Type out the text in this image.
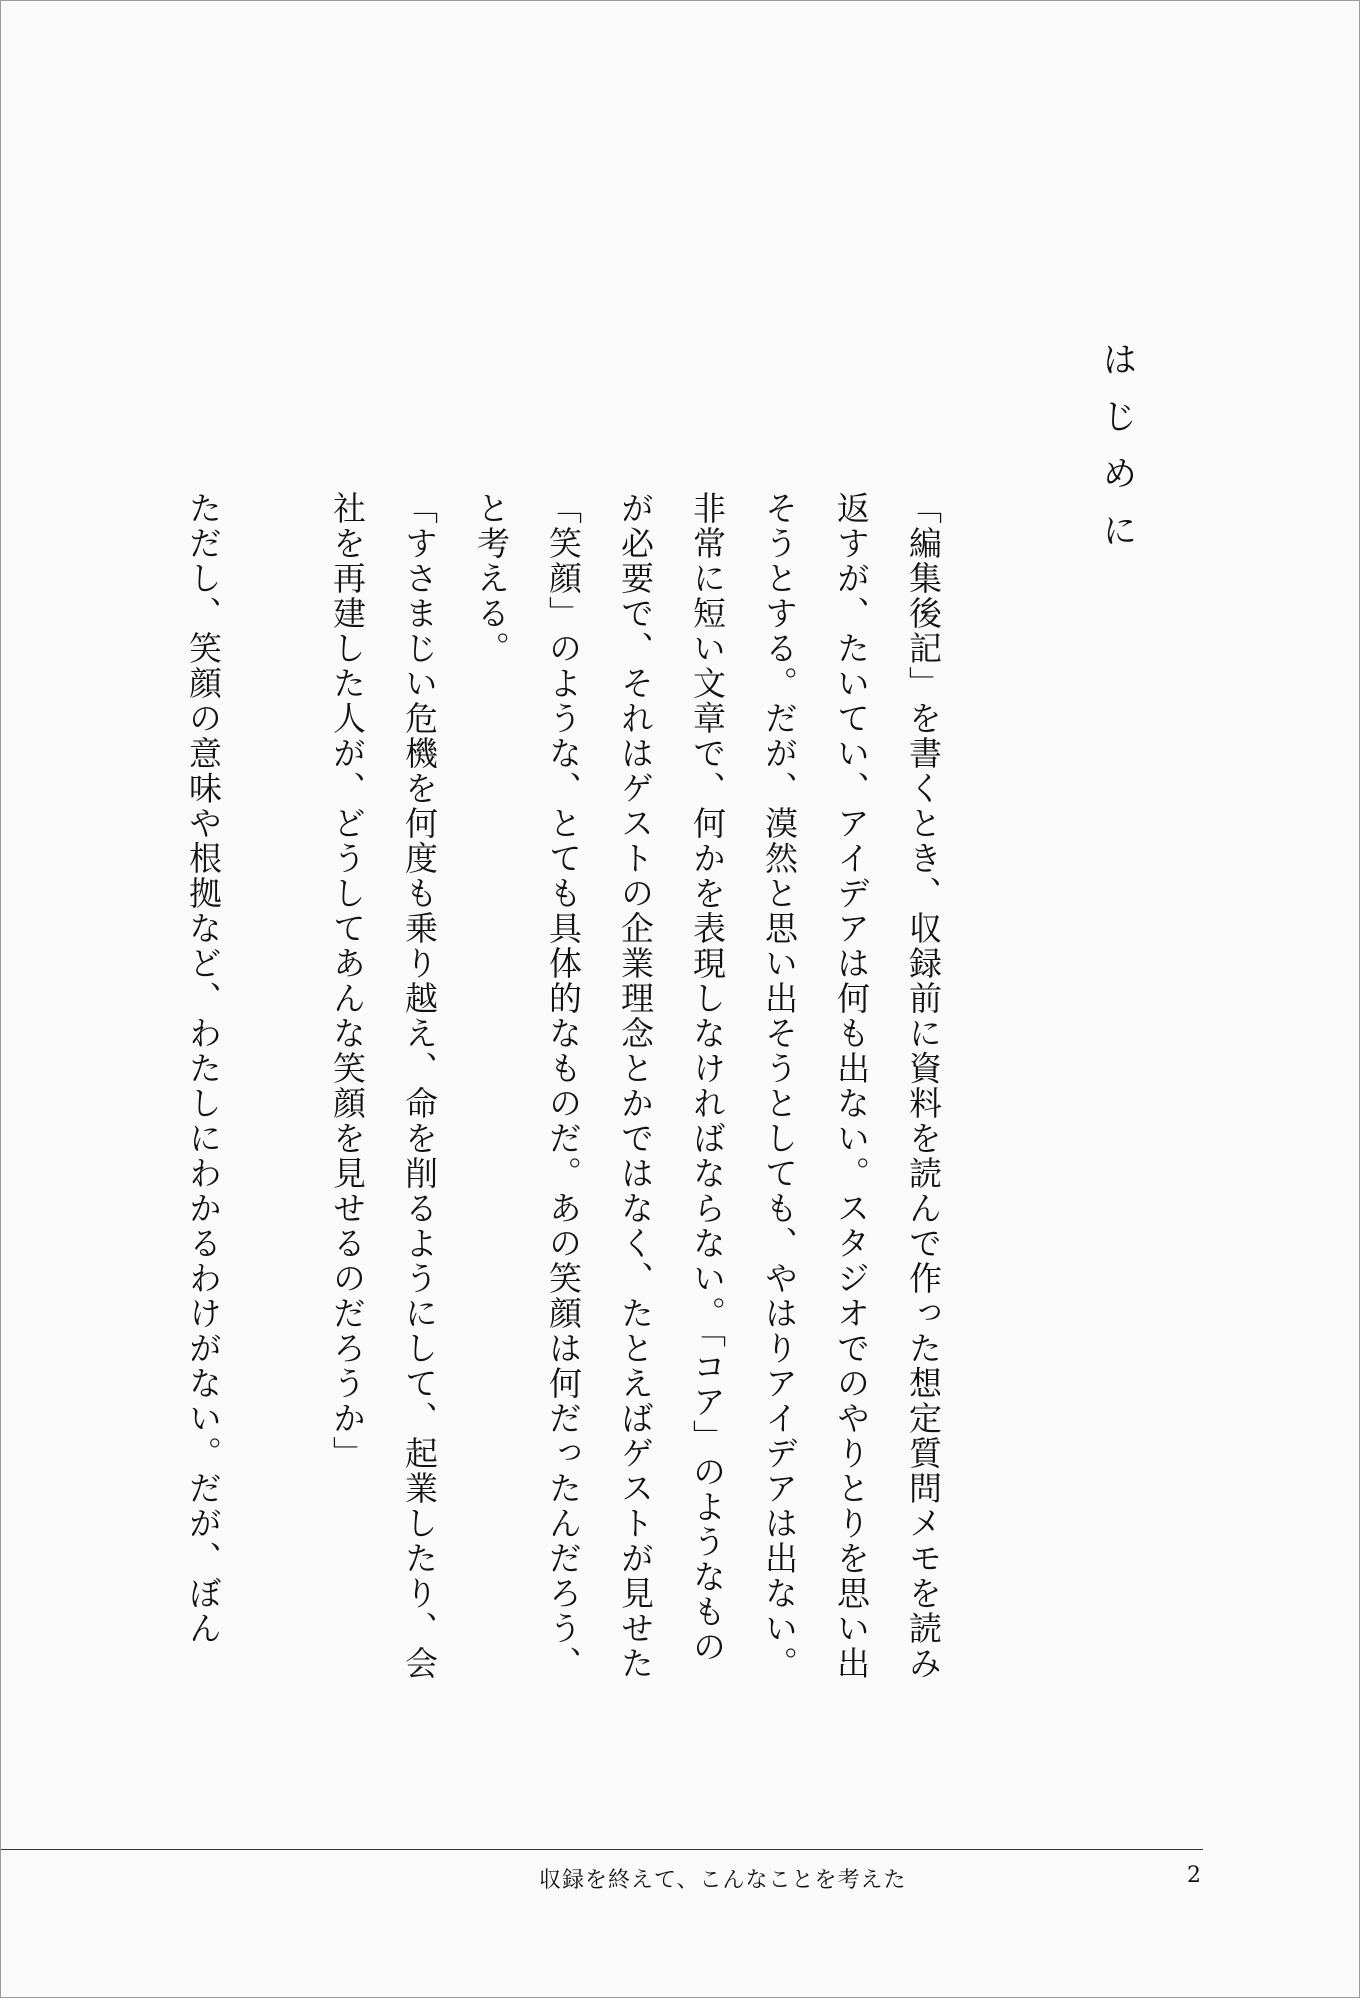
はじめに

「編集後記」を書くとき、収録前に資料を読んで作った想定質問メモを読み返すが、たいてい、アイデアは何も出ない。スタジオでのやりとりを思い出そうとする。だが、漠然と思い出そうとしても、やはりアイデアは出ない。非常に短い文章で、何かを表現しなければならない。「コア」のようなものが必要で、それはゲストの企業理念とかではなく、たとえばゲストが見せた「笑顔」のような、とても具体的なものだ。あの笑顔は何だったんだろう、と考える。

「すさまじい危機を何度も乗り越え、命を削るようにして、起業したり、会社を再建した人が、どうしてあんな笑顔を見せるのだろうか」

ただし、笑顔の意味や根拠など、わたしにわかるわけがない。だが、ぼん

収録を終えて、こんなことを考えた	2
